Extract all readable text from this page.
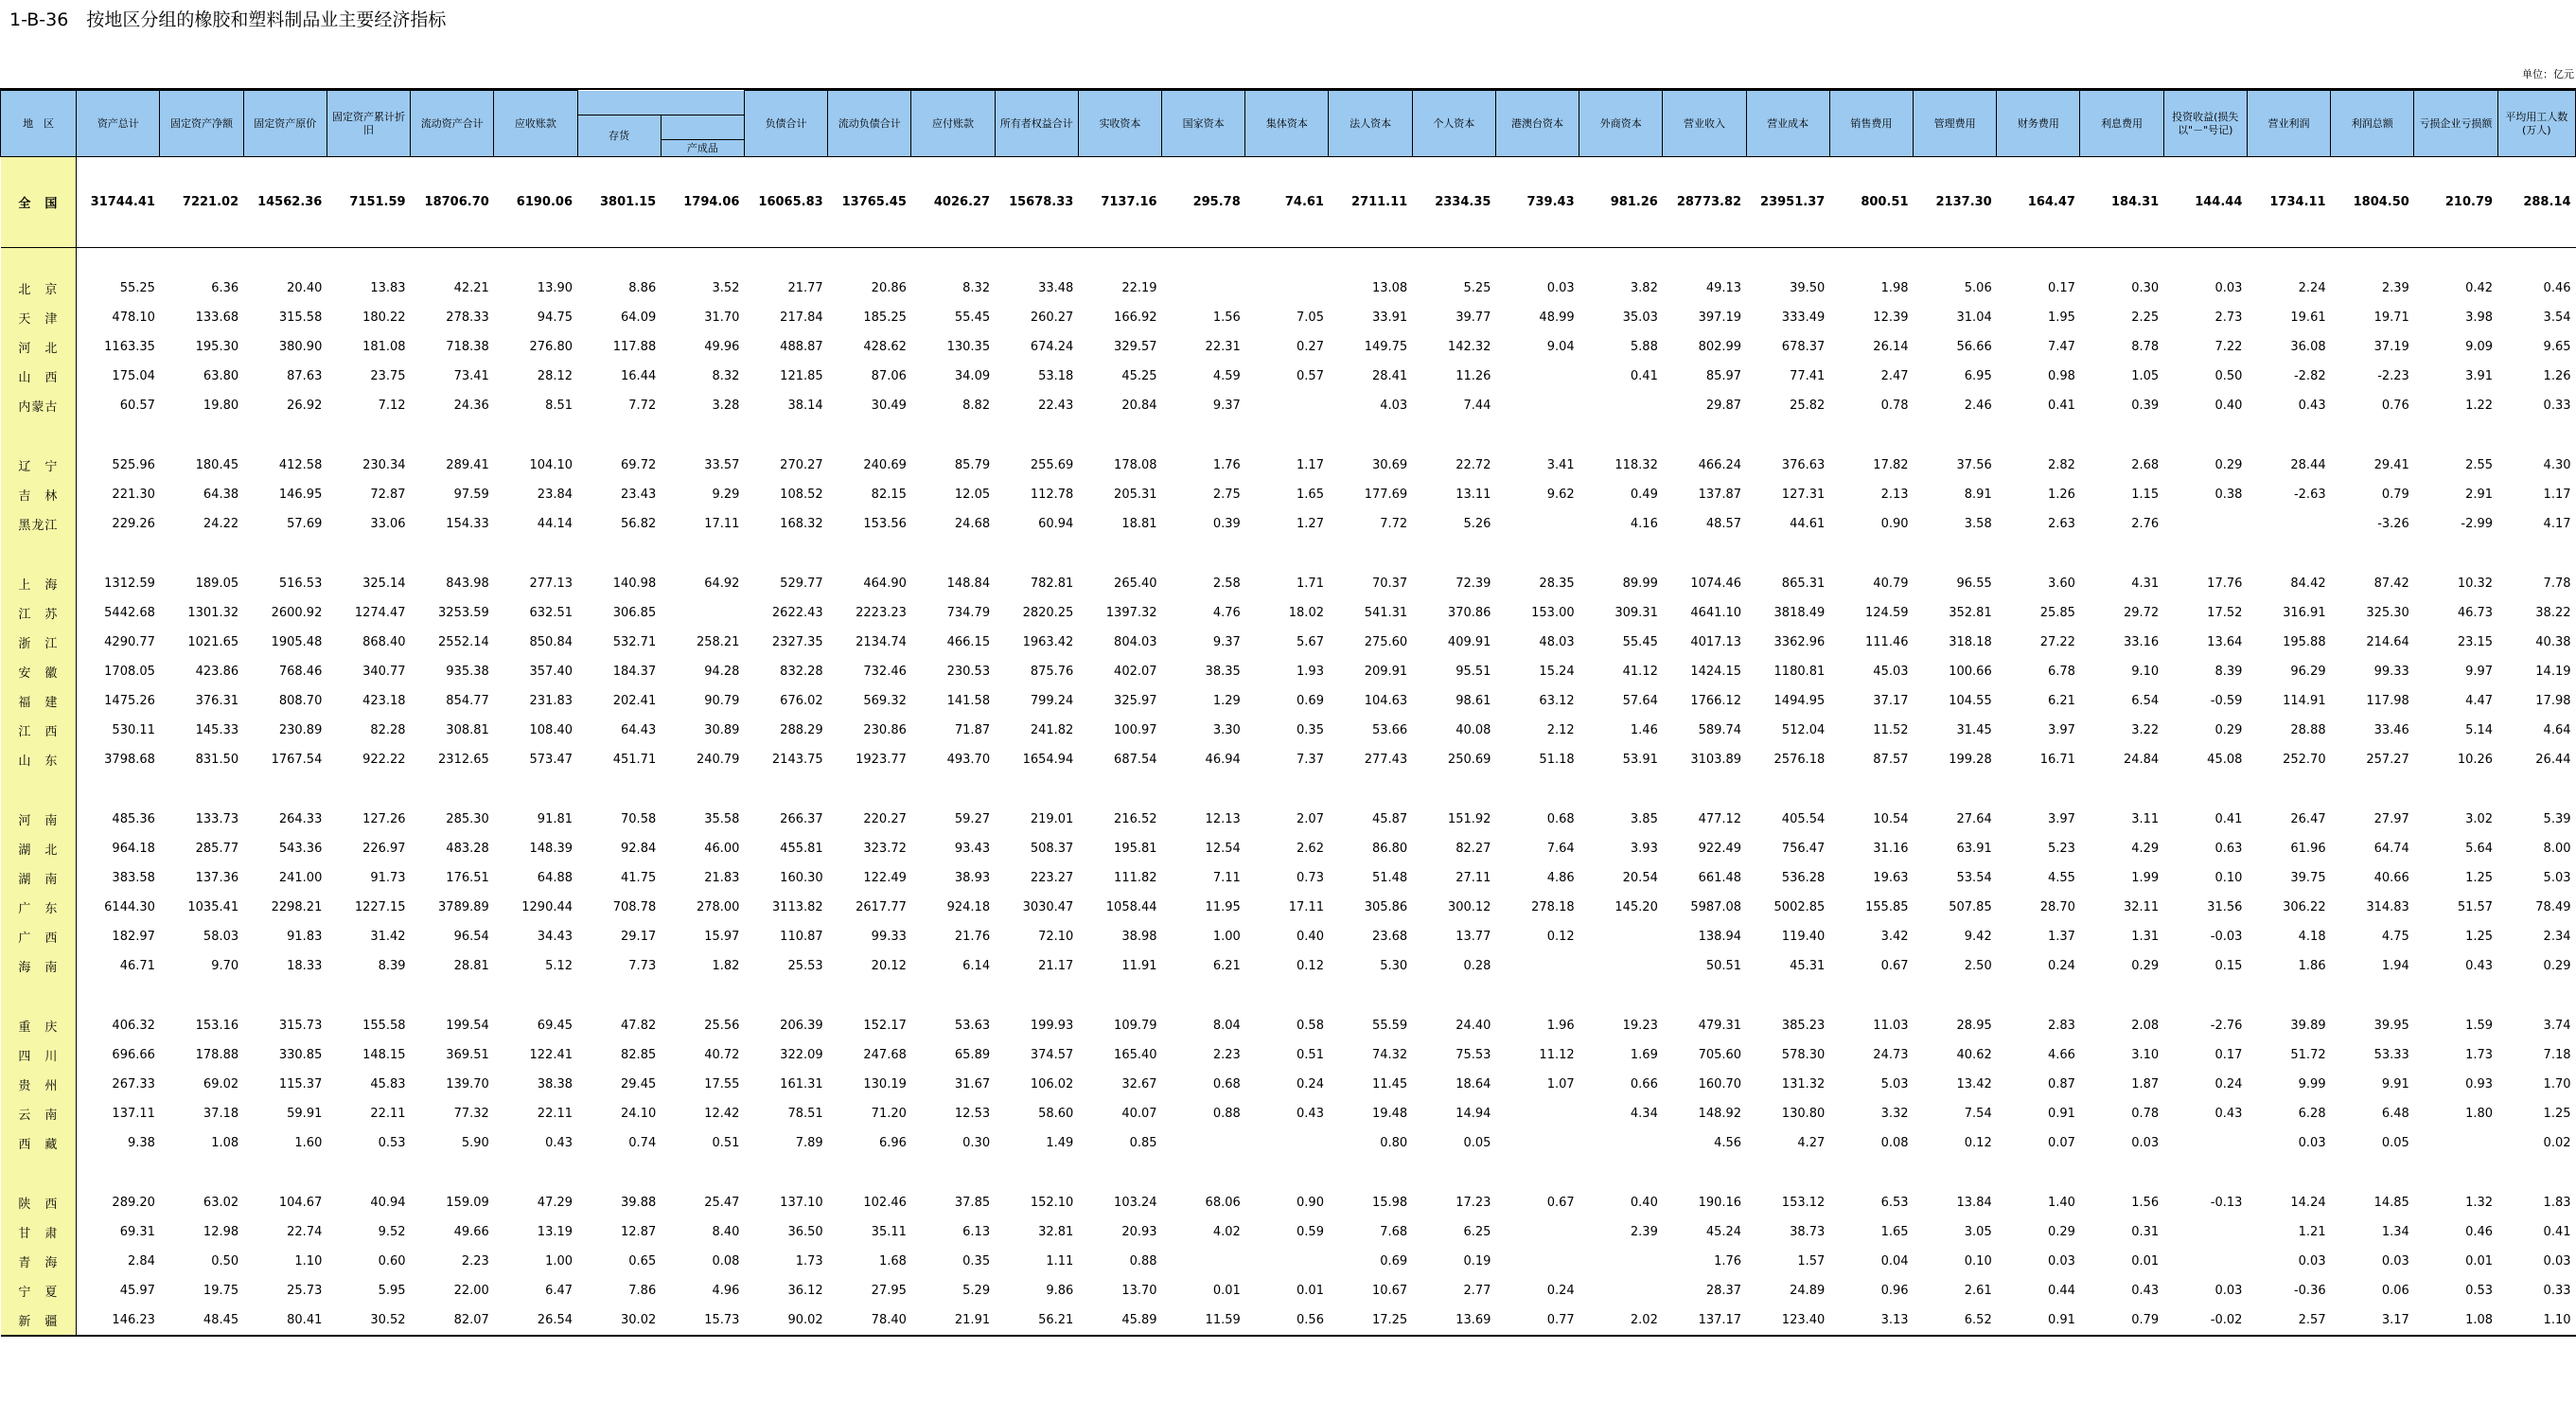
1-B-36　按地区分组的橡胶和塑料制品业主要经济指标
单位：亿元
地　区	资产总计	固定资产净额	固定资产原价	固定资产累计折旧	流动资产合计	应收账款			负债合计	流动负债合计	应付账款	所有者权益合计	实收资本	国家资本	集体资本	法人资本	个人资本	港澳台资本	外商资本	营业收入	营业成本	销售费用	管理费用	财务费用	利息费用	投资收益(损失以"－"号记)	营业利润	利润总额	亏损企业亏损额	平均用工人数(万人)
							存货																							
								产成品																						
全　国	31744.41	7221.02	14562.36	7151.59	18706.70	6190.06	3801.15	1794.06	16065.83	13765.45	4026.27	15678.33	7137.16	295.78	74.61	2711.11	2334.35	739.43	981.26	28773.82	23951.37	800.51	2137.30	164.47	184.31	144.44	1734.11	1804.50	210.79	288.14

北　京	55.25	6.36	20.40	13.83	42.21	13.90	8.86	3.52	21.77	20.86	8.32	33.48	22.19			13.08	5.25	0.03	3.82	49.13	39.50	1.98	5.06	0.17	0.30	0.03	2.24	2.39	0.42	0.46
天　津	478.10	133.68	315.58	180.22	278.33	94.75	64.09	31.70	217.84	185.25	55.45	260.27	166.92	1.56	7.05	33.91	39.77	48.99	35.03	397.19	333.49	12.39	31.04	1.95	2.25	2.73	19.61	19.71	3.98	3.54
河　北	1163.35	195.30	380.90	181.08	718.38	276.80	117.88	49.96	488.87	428.62	130.35	674.24	329.57	22.31	0.27	149.75	142.32	9.04	5.88	802.99	678.37	26.14	56.66	7.47	8.78	7.22	36.08	37.19	9.09	9.65
山　西	175.04	63.80	87.63	23.75	73.41	28.12	16.44	8.32	121.85	87.06	34.09	53.18	45.25	4.59	0.57	28.41	11.26		0.41	85.97	77.41	2.47	6.95	0.98	1.05	0.50	-2.82	-2.23	3.91	1.26
内蒙古	60.57	19.80	26.92	7.12	24.36	8.51	7.72	3.28	38.14	30.49	8.82	22.43	20.84	9.37		4.03	7.44			29.87	25.82	0.78	2.46	0.41	0.39	0.40	0.43	0.76	1.22	0.33

辽　宁	525.96	180.45	412.58	230.34	289.41	104.10	69.72	33.57	270.27	240.69	85.79	255.69	178.08	1.76	1.17	30.69	22.72	3.41	118.32	466.24	376.63	17.82	37.56	2.82	2.68	0.29	28.44	29.41	2.55	4.30
吉　林	221.30	64.38	146.95	72.87	97.59	23.84	23.43	9.29	108.52	82.15	12.05	112.78	205.31	2.75	1.65	177.69	13.11	9.62	0.49	137.87	127.31	2.13	8.91	1.26	1.15	0.38	-2.63	0.79	2.91	1.17
黑龙江	229.26	24.22	57.69	33.06	154.33	44.14	56.82	17.11	168.32	153.56	24.68	60.94	18.81	0.39	1.27	7.72	5.26		4.16	48.57	44.61	0.90	3.58	2.63	2.76			-3.26	-2.99	4.17

上　海	1312.59	189.05	516.53	325.14	843.98	277.13	140.98	64.92	529.77	464.90	148.84	782.81	265.40	2.58	1.71	70.37	72.39	28.35	89.99	1074.46	865.31	40.79	96.55	3.60	4.31	17.76	84.42	87.42	10.32	7.78
江　苏	5442.68	1301.32	2600.92	1274.47	3253.59	632.51	306.85		2622.43	2223.23	734.79	2820.25	1397.32	4.76	18.02	541.31	370.86	153.00	309.31	4641.10	3818.49	124.59	352.81	25.85	29.72	17.52	316.91	325.30	46.73	38.22
浙　江	4290.77	1021.65	1905.48	868.40	2552.14	850.84	532.71	258.21	2327.35	2134.74	466.15	1963.42	804.03	9.37	5.67	275.60	409.91	48.03	55.45	4017.13	3362.96	111.46	318.18	27.22	33.16	13.64	195.88	214.64	23.15	40.38
安　徽	1708.05	423.86	768.46	340.77	935.38	357.40	184.37	94.28	832.28	732.46	230.53	875.76	402.07	38.35	1.93	209.91	95.51	15.24	41.12	1424.15	1180.81	45.03	100.66	6.78	9.10	8.39	96.29	99.33	9.97	14.19
福　建	1475.26	376.31	808.70	423.18	854.77	231.83	202.41	90.79	676.02	569.32	141.58	799.24	325.97	1.29	0.69	104.63	98.61	63.12	57.64	1766.12	1494.95	37.17	104.55	6.21	6.54	-0.59	114.91	117.98	4.47	17.98
江　西	530.11	145.33	230.89	82.28	308.81	108.40	64.43	30.89	288.29	230.86	71.87	241.82	100.97	3.30	0.35	53.66	40.08	2.12	1.46	589.74	512.04	11.52	31.45	3.97	3.22	0.29	28.88	33.46	5.14	4.64
山　东	3798.68	831.50	1767.54	922.22	2312.65	573.47	451.71	240.79	2143.75	1923.77	493.70	1654.94	687.54	46.94	7.37	277.43	250.69	51.18	53.91	3103.89	2576.18	87.57	199.28	16.71	24.84	45.08	252.70	257.27	10.26	26.44

河　南	485.36	133.73	264.33	127.26	285.30	91.81	70.58	35.58	266.37	220.27	59.27	219.01	216.52	12.13	2.07	45.87	151.92	0.68	3.85	477.12	405.54	10.54	27.64	3.97	3.11	0.41	26.47	27.97	3.02	5.39
湖　北	964.18	285.77	543.36	226.97	483.28	148.39	92.84	46.00	455.81	323.72	93.43	508.37	195.81	12.54	2.62	86.80	82.27	7.64	3.93	922.49	756.47	31.16	63.91	5.23	4.29	0.63	61.96	64.74	5.64	8.00
湖　南	383.58	137.36	241.00	91.73	176.51	64.88	41.75	21.83	160.30	122.49	38.93	223.27	111.82	7.11	0.73	51.48	27.11	4.86	20.54	661.48	536.28	19.63	53.54	4.55	1.99	0.10	39.75	40.66	1.25	5.03
广　东	6144.30	1035.41	2298.21	1227.15	3789.89	1290.44	708.78	278.00	3113.82	2617.77	924.18	3030.47	1058.44	11.95	17.11	305.86	300.12	278.18	145.20	5987.08	5002.85	155.85	507.85	28.70	32.11	31.56	306.22	314.83	51.57	78.49
广　西	182.97	58.03	91.83	31.42	96.54	34.43	29.17	15.97	110.87	99.33	21.76	72.10	38.98	1.00	0.40	23.68	13.77	0.12		138.94	119.40	3.42	9.42	1.37	1.31	-0.03	4.18	4.75	1.25	2.34
海　南	46.71	9.70	18.33	8.39	28.81	5.12	7.73	1.82	25.53	20.12	6.14	21.17	11.91	6.21	0.12	5.30	0.28			50.51	45.31	0.67	2.50	0.24	0.29	0.15	1.86	1.94	0.43	0.29

重　庆	406.32	153.16	315.73	155.58	199.54	69.45	47.82	25.56	206.39	152.17	53.63	199.93	109.79	8.04	0.58	55.59	24.40	1.96	19.23	479.31	385.23	11.03	28.95	2.83	2.08	-2.76	39.89	39.95	1.59	3.74
四　川	696.66	178.88	330.85	148.15	369.51	122.41	82.85	40.72	322.09	247.68	65.89	374.57	165.40	2.23	0.51	74.32	75.53	11.12	1.69	705.60	578.30	24.73	40.62	4.66	3.10	0.17	51.72	53.33	1.73	7.18
贵　州	267.33	69.02	115.37	45.83	139.70	38.38	29.45	17.55	161.31	130.19	31.67	106.02	32.67	0.68	0.24	11.45	18.64	1.07	0.66	160.70	131.32	5.03	13.42	0.87	1.87	0.24	9.99	9.91	0.93	1.70
云　南	137.11	37.18	59.91	22.11	77.32	22.11	24.10	12.42	78.51	71.20	12.53	58.60	40.07	0.88	0.43	19.48	14.94		4.34	148.92	130.80	3.32	7.54	0.91	0.78	0.43	6.28	6.48	1.80	1.25
西　藏	9.38	1.08	1.60	0.53	5.90	0.43	0.74	0.51	7.89	6.96	0.30	1.49	0.85			0.80	0.05			4.56	4.27	0.08	0.12	0.07	0.03		0.03	0.05		0.02

陕　西	289.20	63.02	104.67	40.94	159.09	47.29	39.88	25.47	137.10	102.46	37.85	152.10	103.24	68.06	0.90	15.98	17.23	0.67	0.40	190.16	153.12	6.53	13.84	1.40	1.56	-0.13	14.24	14.85	1.32	1.83
甘　肃	69.31	12.98	22.74	9.52	49.66	13.19	12.87	8.40	36.50	35.11	6.13	32.81	20.93	4.02	0.59	7.68	6.25		2.39	45.24	38.73	1.65	3.05	0.29	0.31		1.21	1.34	0.46	0.41
青　海	2.84	0.50	1.10	0.60	2.23	1.00	0.65	0.08	1.73	1.68	0.35	1.11	0.88			0.69	0.19			1.76	1.57	0.04	0.10	0.03	0.01		0.03	0.03	0.01	0.03
宁　夏	45.97	19.75	25.73	5.95	22.00	6.47	7.86	4.96	36.12	27.95	5.29	9.86	13.70	0.01	0.01	10.67	2.77	0.24		28.37	24.89	0.96	2.61	0.44	0.43	0.03	-0.36	0.06	0.53	0.33
新　疆	146.23	48.45	80.41	30.52	82.07	26.54	30.02	15.73	90.02	78.40	21.91	56.21	45.89	11.59	0.56	17.25	13.69	0.77	2.02	137.17	123.40	3.13	6.52	0.91	0.79	-0.02	2.57	3.17	1.08	1.10
